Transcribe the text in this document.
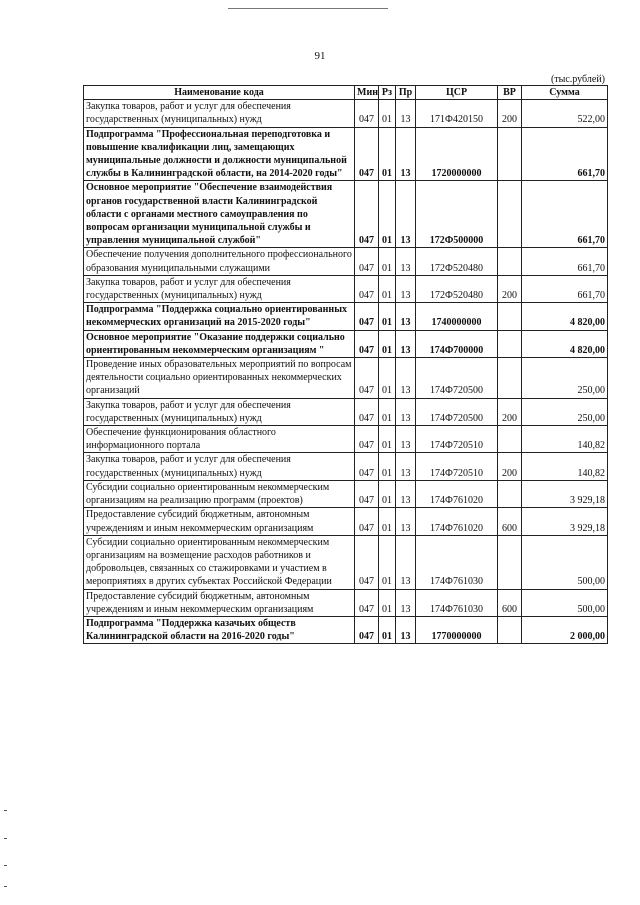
91
(тыс.рублей)
Наименование кода	Мин	Рз	Пр	ЦСР	ВР	Сумма
Закупка товаров, работ и услуг для обеспечения государственных (муниципальных) нужд	047	01	13	171Ф420150	200	522,00
Подпрограмма "Профессиональная переподготовка и повышение квалификации лиц, замещающих муниципальные должности и должности муниципальной службы в Калининградской области, на 2014-2020 годы"	047	01	13	1720000000		661,70
Основное мероприятие "Обеспечение взаимодействия органов государственной власти Калининградской области с органами местного самоуправления по вопросам организации муниципальной службы и управления муниципальной службой"	047	01	13	172Ф500000		661,70
Обеспечение получения дополнительного профессионального образования муниципальными служащими	047	01	13	172Ф520480		661,70
Закупка товаров, работ и услуг для обеспечения государственных (муниципальных) нужд	047	01	13	172Ф520480	200	661,70
Подпрограмма "Поддержка социально ориентированных некоммерческих организаций на 2015-2020 годы"	047	01	13	1740000000		4 820,00
Основное мероприятие "Оказание поддержки социально ориентированным некоммерческим организациям "	047	01	13	174Ф700000		4 820,00
Проведение иных образовательных мероприятий по вопросам деятельности социально ориентированных некоммерческих организаций	047	01	13	174Ф720500		250,00
Закупка товаров, работ и услуг для обеспечения государственных (муниципальных) нужд	047	01	13	174Ф720500	200	250,00
Обеспечение функционирования областного информационного портала	047	01	13	174Ф720510		140,82
Закупка товаров, работ и услуг для обеспечения государственных (муниципальных) нужд	047	01	13	174Ф720510	200	140,82
Субсидии социально ориентированным некоммерческим организациям на реализацию программ (проектов)	047	01	13	174Ф761020		3 929,18
Предоставление субсидий бюджетным, автономным учреждениям и иным некоммерческим организациям	047	01	13	174Ф761020	600	3 929,18
Субсидии социально ориентированным некоммерческим организациям на возмещение расходов работников и добровольцев, связанных со стажировками и участием в мероприятиях в других субъектах Российской Федерации	047	01	13	174Ф761030		500,00
Предоставление субсидий бюджетным, автономным учреждениям и иным некоммерческим организациям	047	01	13	174Ф761030	600	500,00
Подпрограмма "Поддержка казачьих обществ Калининградской области на 2016-2020 годы"	047	01	13	1770000000		2 000,00
